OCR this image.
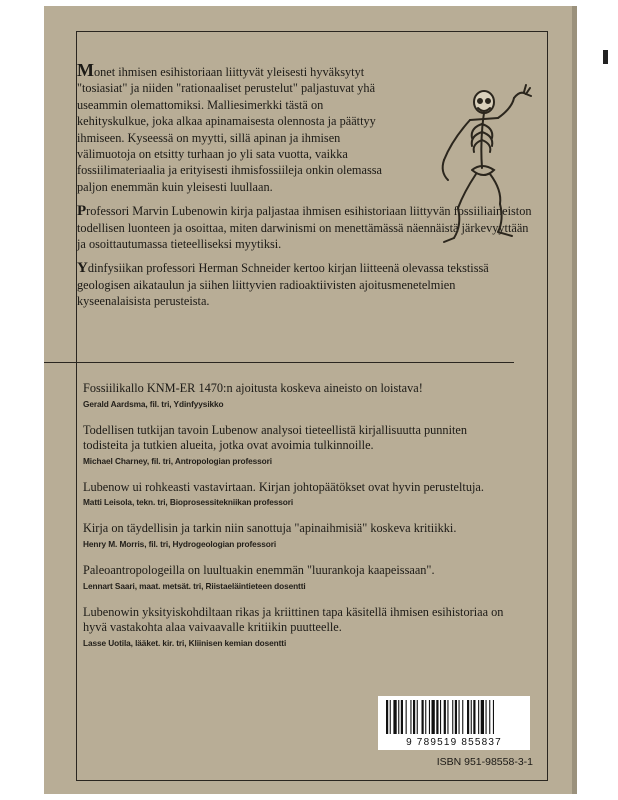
Monet ihmisen esihistoriaan liittyvät yleisesti hyväksytyt "tosiasiat" ja niiden "rationaaliset perustelut" paljastuvat yhä useammin olemattomiksi. Malliesimerkki tästä on kehityskulkue, joka alkaa apinamaisesta olennosta ja päättyy ihmiseen. Kyseessä on myytti, sillä apinan ja ihmisen välimuotoja on etsitty turhaan jo yli sata vuotta, vaikka fossiilimateriaalia ja erityisesti ihmisfossiileja onkin olemassa paljon enemmän kuin yleisesti luullaan.

Professori Marvin Lubenowin kirja paljastaa ihmisen esihistoriaan liittyvän fossiiliaineiston todellisen luonteen ja osoittaa, miten darwinismi on menettämässä näennäistä järkevyyttään ja osoittautumassa tieteelliseksi myytiksi.

Ydinfysiikan professori Herman Schneider kertoo kirjan liitteenä olevassa tekstissä geologisen aikataulun ja siihen liittyvien radioaktiivisten ajoitusmenetelmien kyseenalaisista perusteista.

Fossiilikallo KNM-ER 1470:n ajoitusta koskeva aineisto on loistava!
Gerald Aardsma, fil. tri, Ydinfyysikko
Todellisen tutkijan tavoin Lubenow analysoi tieteellistä kirjallisuutta punniten todisteita ja tutkien alueita, jotka ovat avoimia tulkinnoille.
Michael Charney, fil. tri, Antropologian professori
Lubenow ui rohkeasti vastavirtaan. Kirjan johtopäätökset ovat hyvin perusteltuja.
Matti Leisola, tekn. tri, Bioprosessitekniikan professori
Kirja on täydellisin ja tarkin niin sanottuja "apinaihmisiä" koskeva kritiikki.
Henry M. Morris, fil. tri, Hydrogeologian professori
Paleoantropologeilla on luultuakin enemmän "luurankoja kaapeissaan".
Lennart Saari, maat. metsät. tri, Riistaeläintieteen dosentti
Lubenowin yksityiskohdiltaan rikas ja kriittinen tapa käsitellä ihmisen esihistoriaa on hyvä vastakohta alaa vaivaavalle kritiikin puutteelle.
Lasse Uotila, lääket. kir. tri, Kliinisen kemian dosentti
9 789519 855837
ISBN 951-98558-3-1
